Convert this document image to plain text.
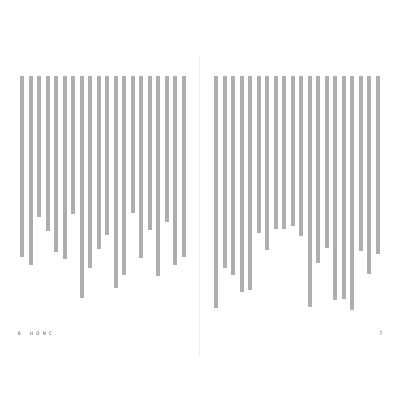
H O N C
6	7
